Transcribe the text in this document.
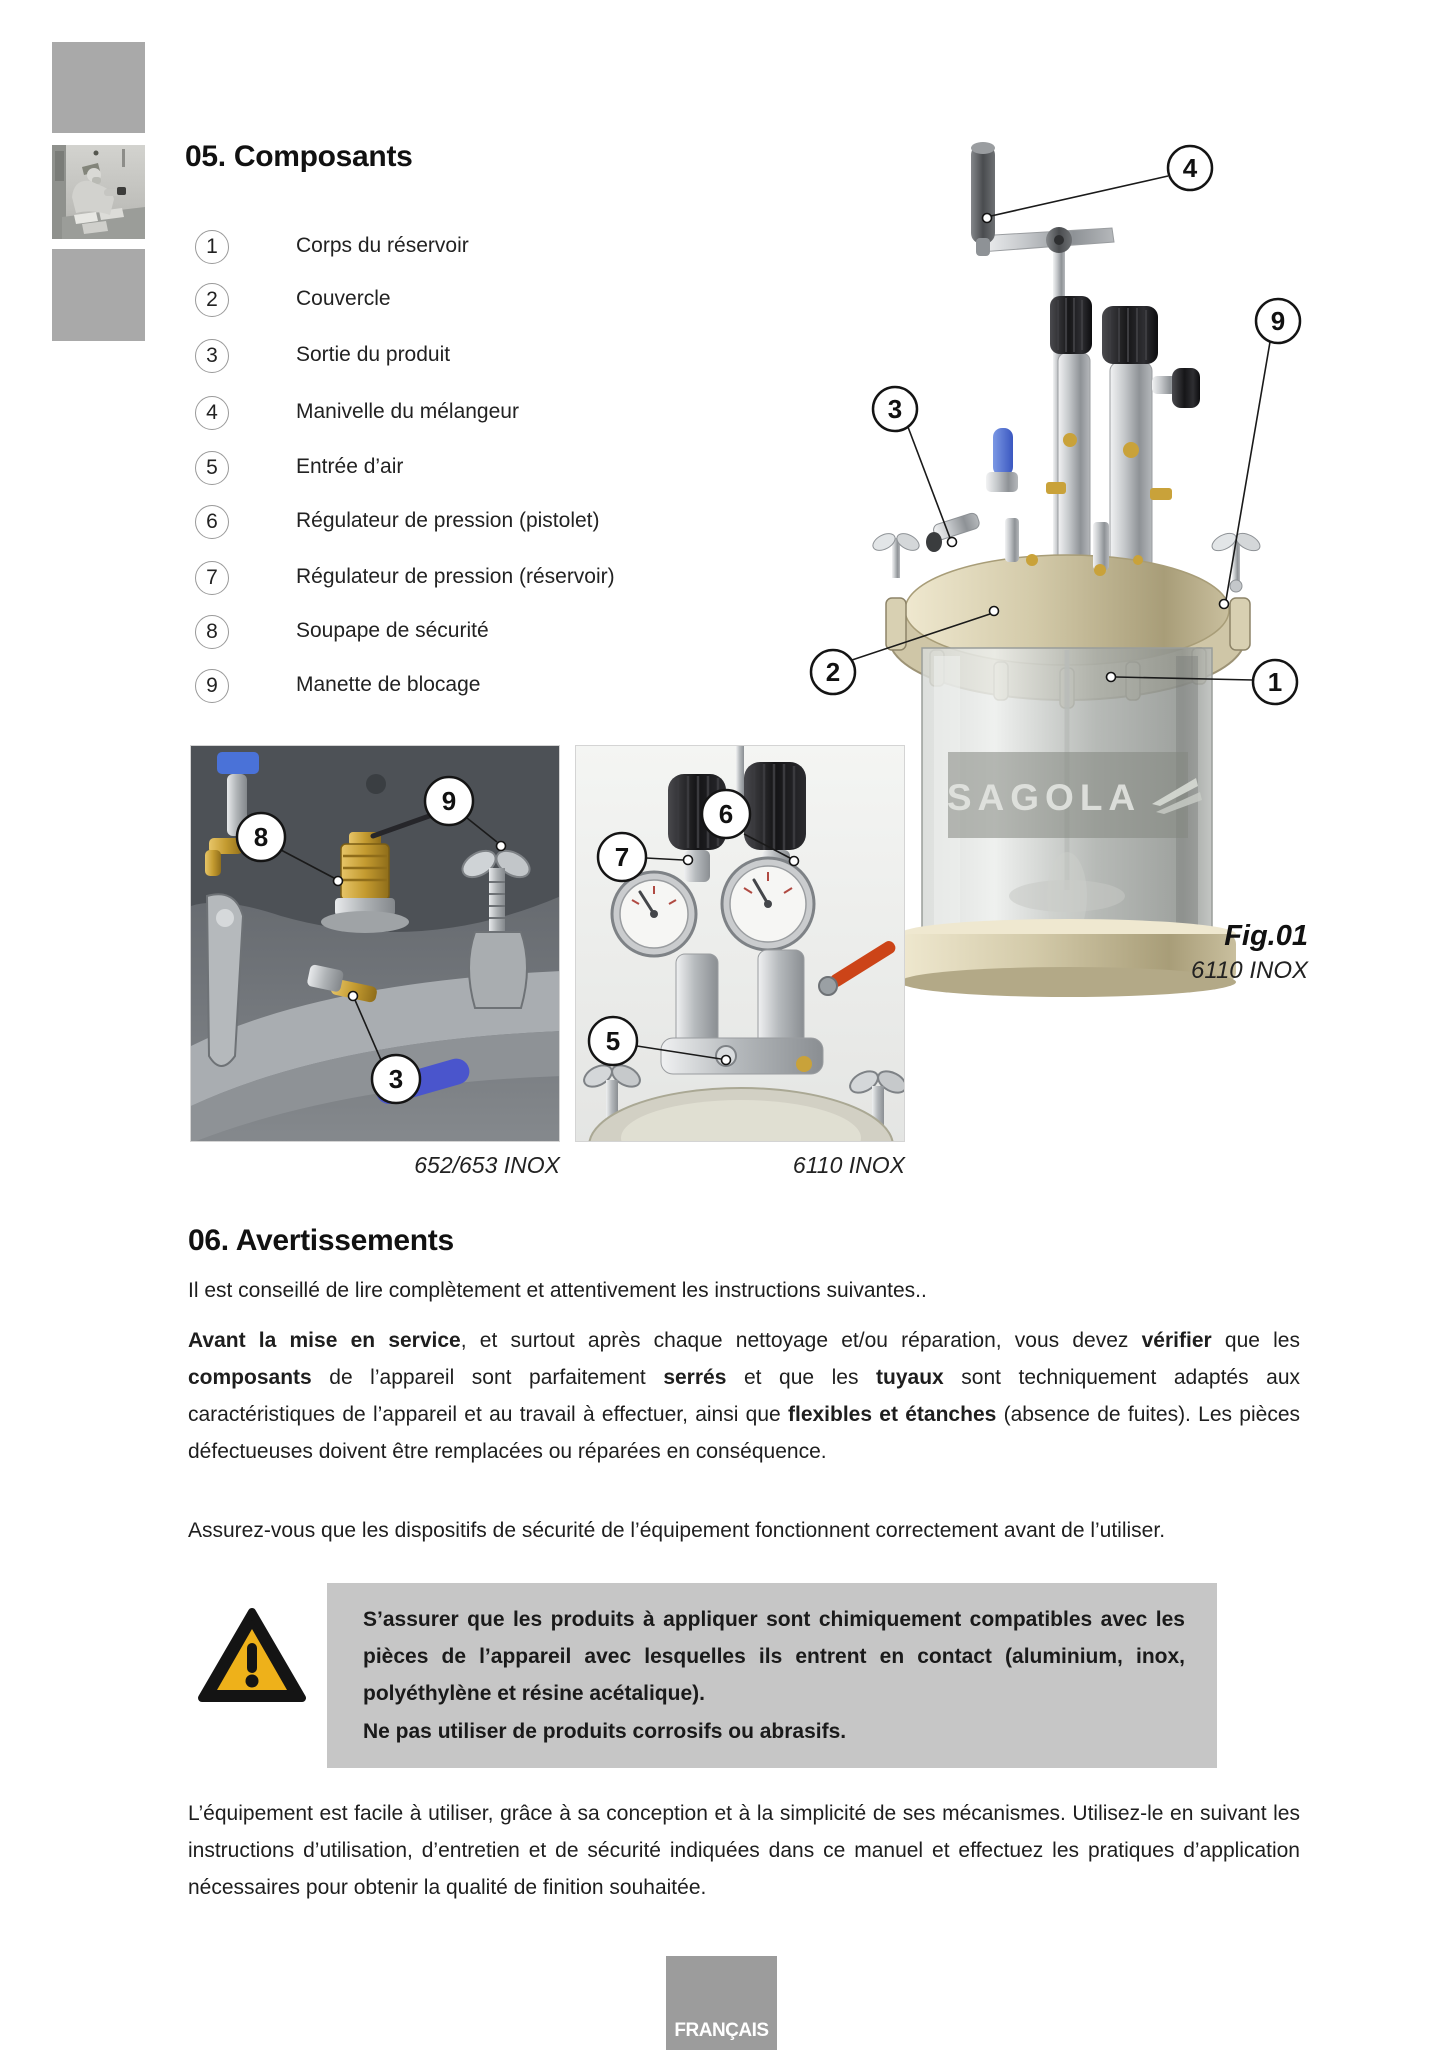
05. Composants
1	Corps du réservoir
2	Couvercle
3	Sortie du produit
4	Manivelle du mélangeur
5	Entrée d’air
6	Régulateur de pression (pistolet)
7	Régulateur de pression (réservoir)
8	Soupape de sécurité
9	Manette de blocage
SAGOLA
4
9
3
2	1
Fig.01
6110 INOX
9
8
3
652/653 INOX
6
7
5
6110 INOX
06. Avertissements
Il est conseillé de lire complètement et attentivement les instructions suivantes..
Avant la mise en service, et surtout après chaque nettoyage et/ou réparation, vous devez vérifier que les composants de l’appareil sont parfaitement serrés et que les tuyaux sont techniquement adaptés aux caractéristiques de l’appareil et au travail à effectuer, ainsi que flexibles et étanches (absence de fuites). Les pièces défectueuses doivent être remplacées ou réparées en conséquence.
Assurez-vous que les dispositifs de sécurité de l’équipement fonctionnent correctement avant de l’utiliser.
S’assurer que les produits à appliquer sont chimiquement compatibles avec les pièces de l’appareil avec lesquelles ils entrent en contact (aluminium, inox, polyéthylène et résine acétalique).
Ne pas utiliser de produits corrosifs ou abrasifs.
L’équipement est facile à utiliser, grâce à sa conception et à la simplicité de ses mécanismes. Utilisez-le en suivant les instructions d’utilisation, d’entretien et de sécurité indiquées dans ce manuel et effectuez les pratiques d’application nécessaires pour obtenir la qualité de finition souhaitée.
FRANÇAIS
